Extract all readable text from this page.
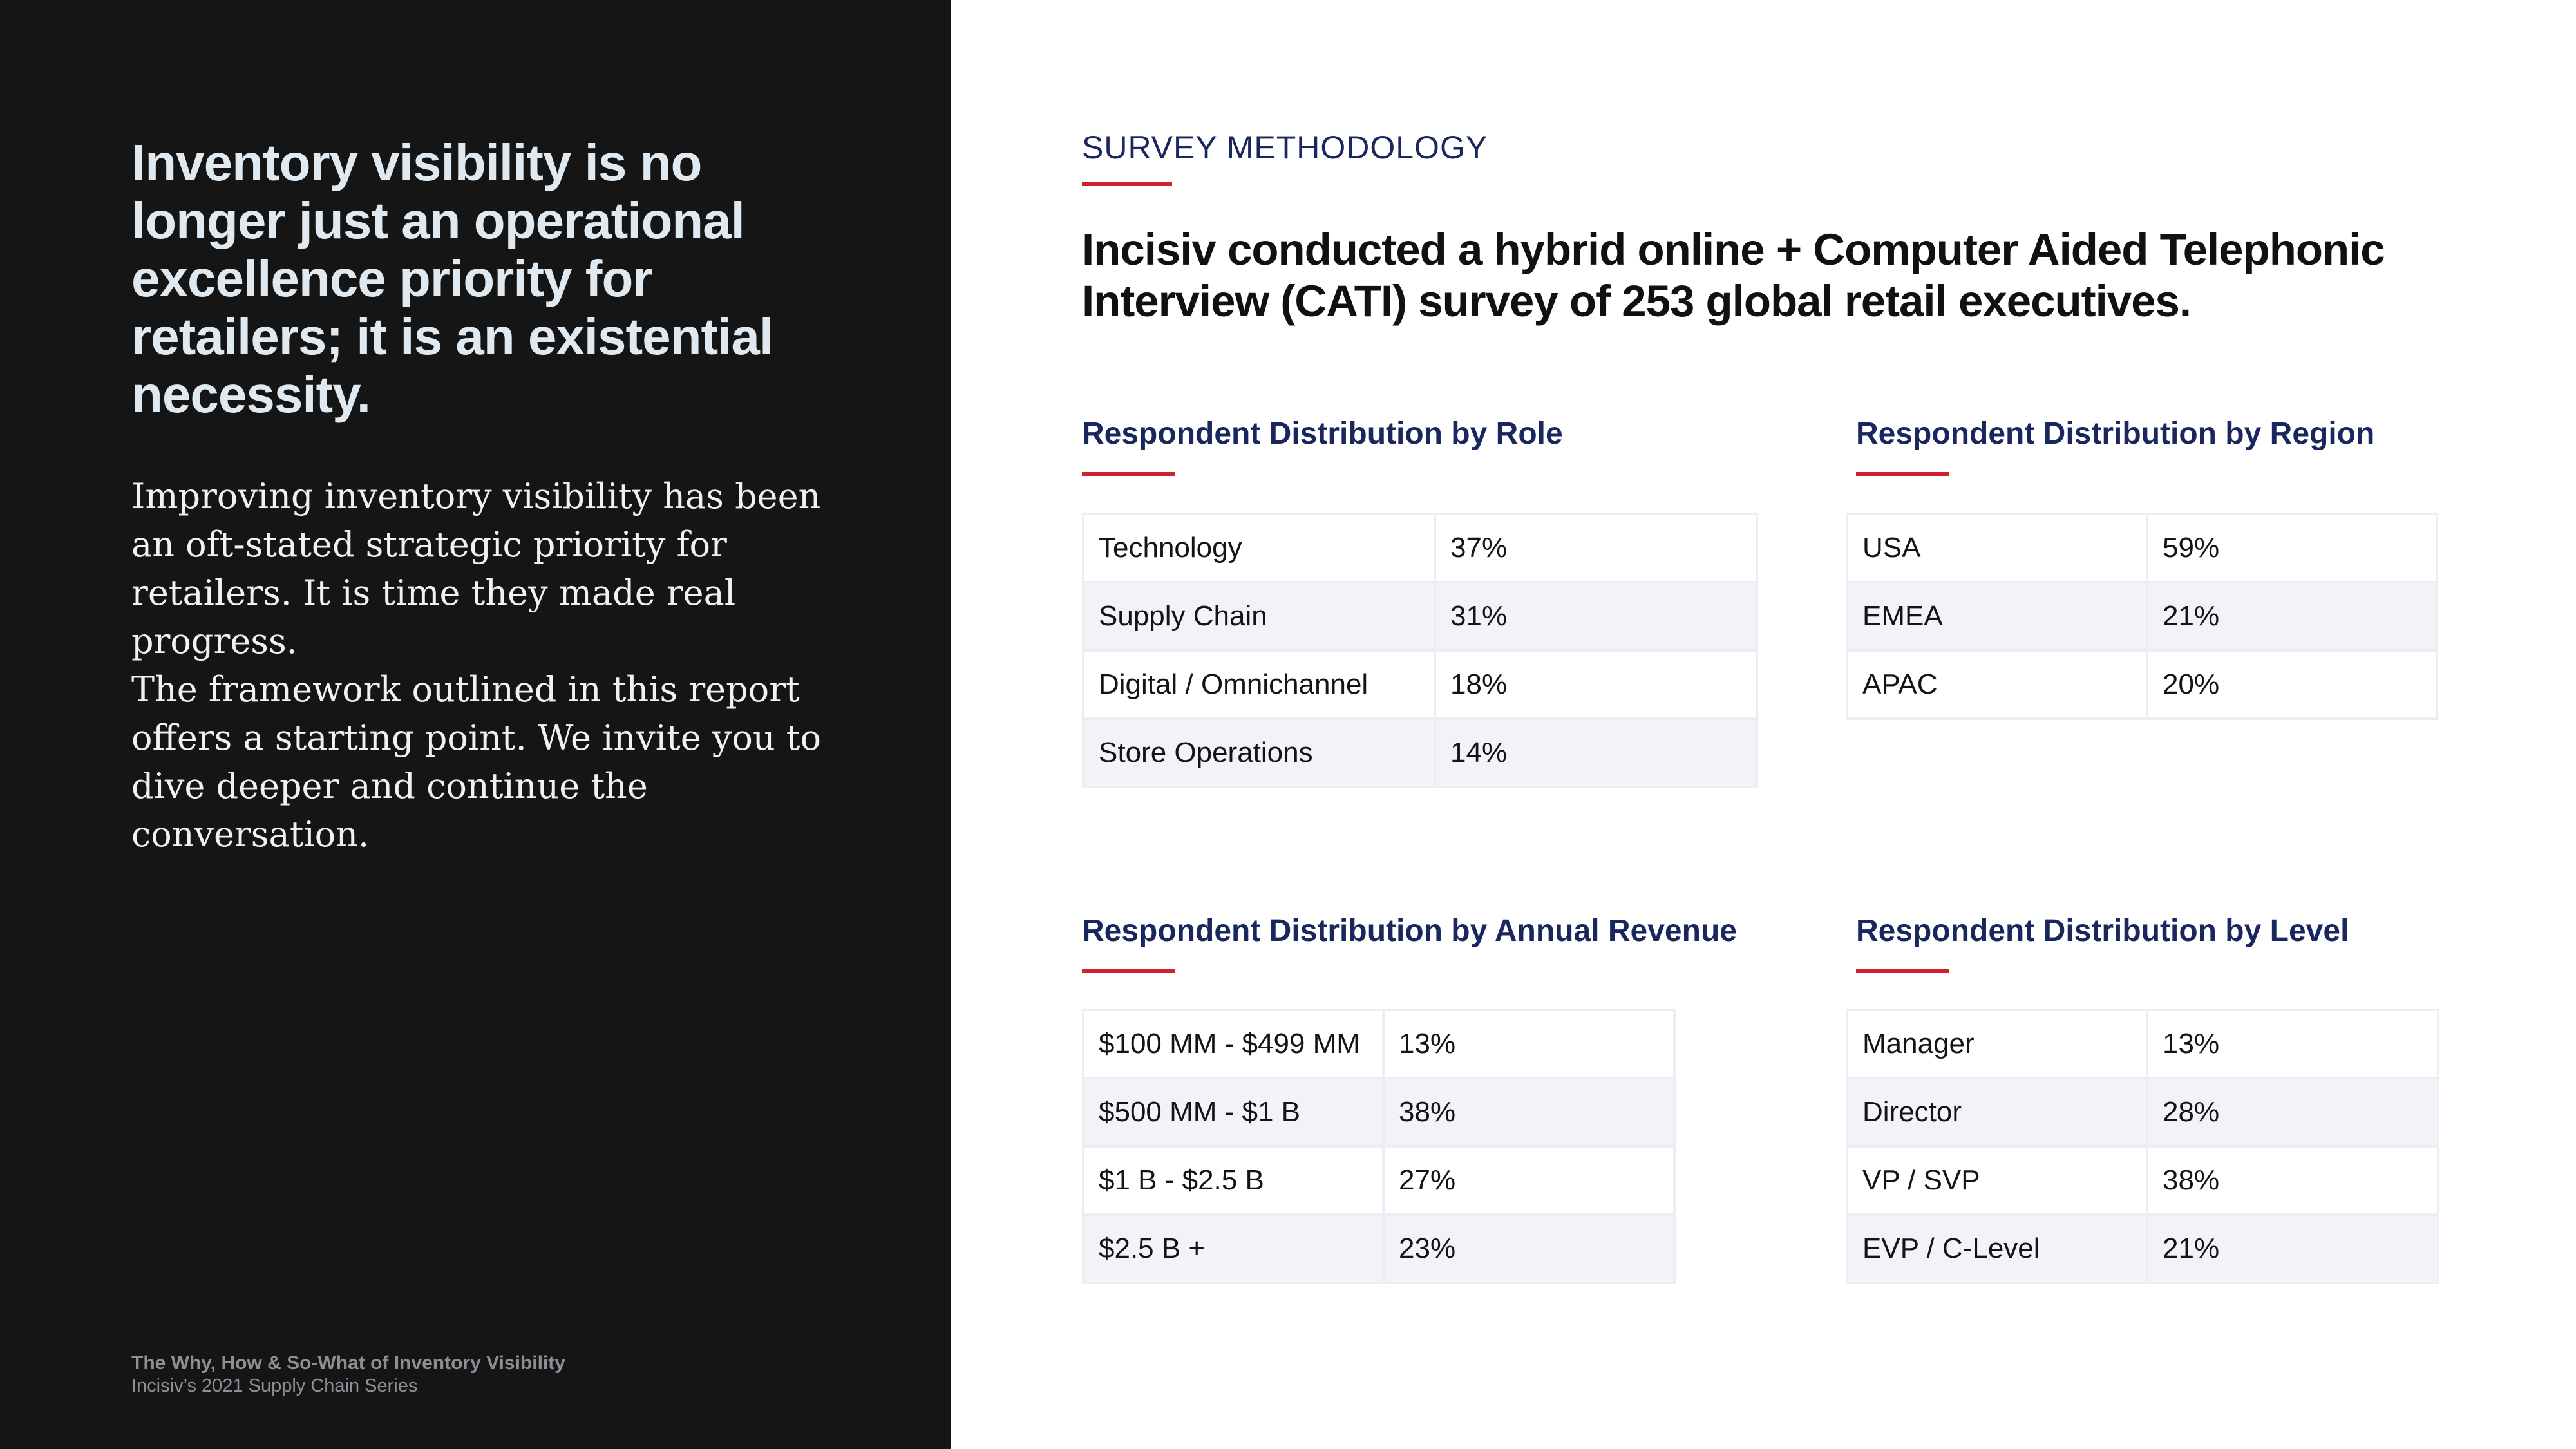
Inventory visibility is no longer just an operational excellence priority for retailers; it is an existential necessity.

Improving inventory visibility has been an oft-stated strategic priority for retailers. It is time they made real progress.

The framework outlined in this report offers a starting point. We invite you to dive deeper and continue the conversation.

The Why, How & So-What of Inventory Visibility
Incisiv’s 2021 Supply Chain Series
SURVEY METHODOLOGY
Incisiv conducted a hybrid online + Computer Aided Telephonic Interview (CATI) survey of 253 global retail executives.
Respondent Distribution by Role
Technology	37%
Supply Chain	31%
Digital / Omnichannel	18%
Store Operations	14%
Respondent Distribution by Region
USA	59%
EMEA	21%
APAC	20%
Respondent Distribution by Annual Revenue
$100 MM - $499 MM	13%
$500 MM - $1 B	38%
$1 B - $2.5 B	27%
$2.5 B +	23%
Respondent Distribution by Level
Manager	13%
Director	28%
VP / SVP	38%
EVP / C-Level	21%
